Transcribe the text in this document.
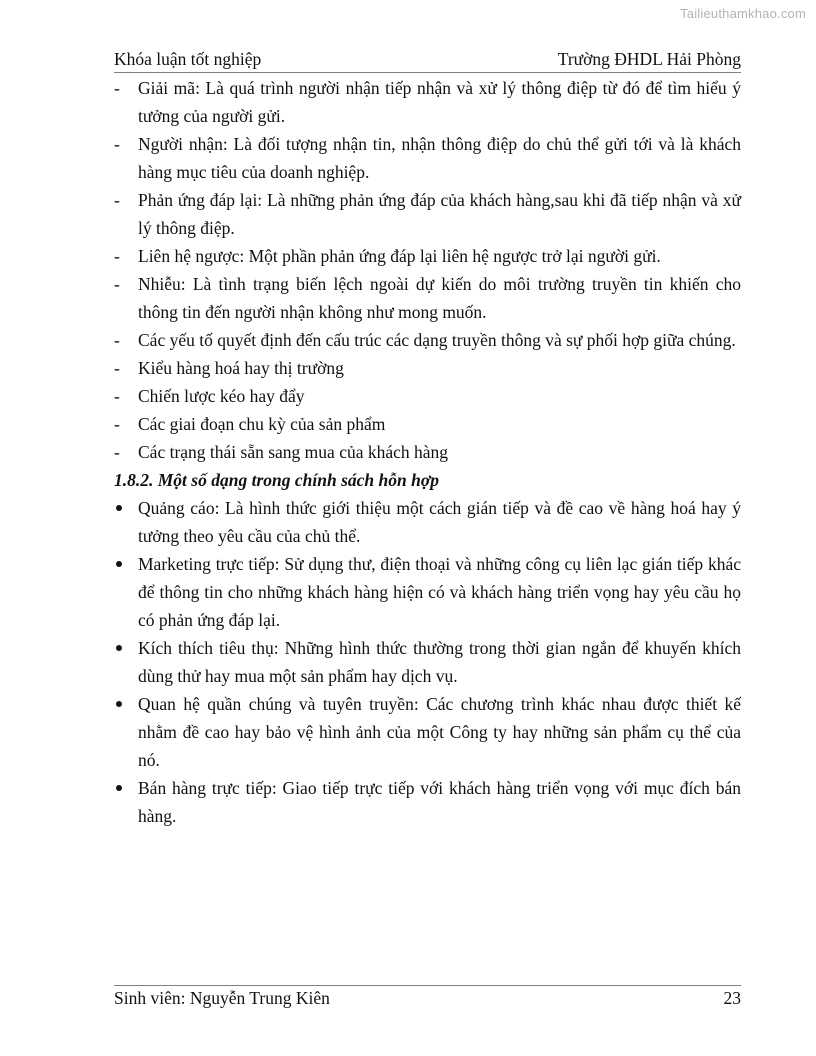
Tailieuthamkhao.com
Khóa luận tốt nghiệp	Trường ĐHDL Hải Phòng
-
Giải mã: Là quá trình người nhận tiếp nhận và xử lý thông điệp từ đó để tìm hiểu ý tưởng của người gửi.
-
Người nhận: Là đối tượng nhận tin, nhận thông điệp do chủ thể gửi tới và là khách hàng mục tiêu của doanh nghiệp.
-
Phản ứng đáp lại: Là những phản ứng đáp của khách hàng,sau khi đã tiếp nhận và xử lý thông điệp.
-
Liên hệ ngược: Một phần phản ứng đáp lại liên hệ ngược trở lại người gửi.
-
Nhiễu: Là tình trạng biến lệch ngoài dự kiến do môi trường truyền tin khiến cho thông tin đến người nhận không như mong muốn.
-
Các yếu tố quyết định đến cấu trúc các dạng truyền thông và sự phối hợp giữa chúng.
-
Kiểu hàng hoá hay thị trường
-
Chiến lược kéo hay đẩy
-
Các giai đoạn chu kỳ của sản phẩm
-
Các trạng thái sẵn sang mua của khách hàng
1.8.2. Một số dạng trong chính sách hỗn hợp
Quảng cáo: Là hình thức giới thiệu một cách gián tiếp và đề cao về hàng hoá hay ý tưởng theo yêu cầu của chủ thể.
Marketing trực tiếp: Sử dụng thư, điện thoại và những công cụ liên lạc gián tiếp khác để thông tin cho những khách hàng hiện có và khách hàng triển vọng hay yêu cầu họ có phản ứng đáp lại.
Kích thích tiêu thụ: Những hình thức thường trong thời gian ngắn để khuyến khích dùng thử hay mua một sản phẩm hay dịch vụ.
Quan hệ quần chúng và tuyên truyền: Các chương trình khác nhau được thiết kế nhằm đề cao hay bảo vệ hình ảnh của một Công ty hay những sản phẩm cụ thể của nó.
Bán hàng trực tiếp: Giao tiếp trực tiếp với khách hàng triển vọng với mục đích bán hàng.
Sinh viên: Nguyễn Trung Kiên	23
